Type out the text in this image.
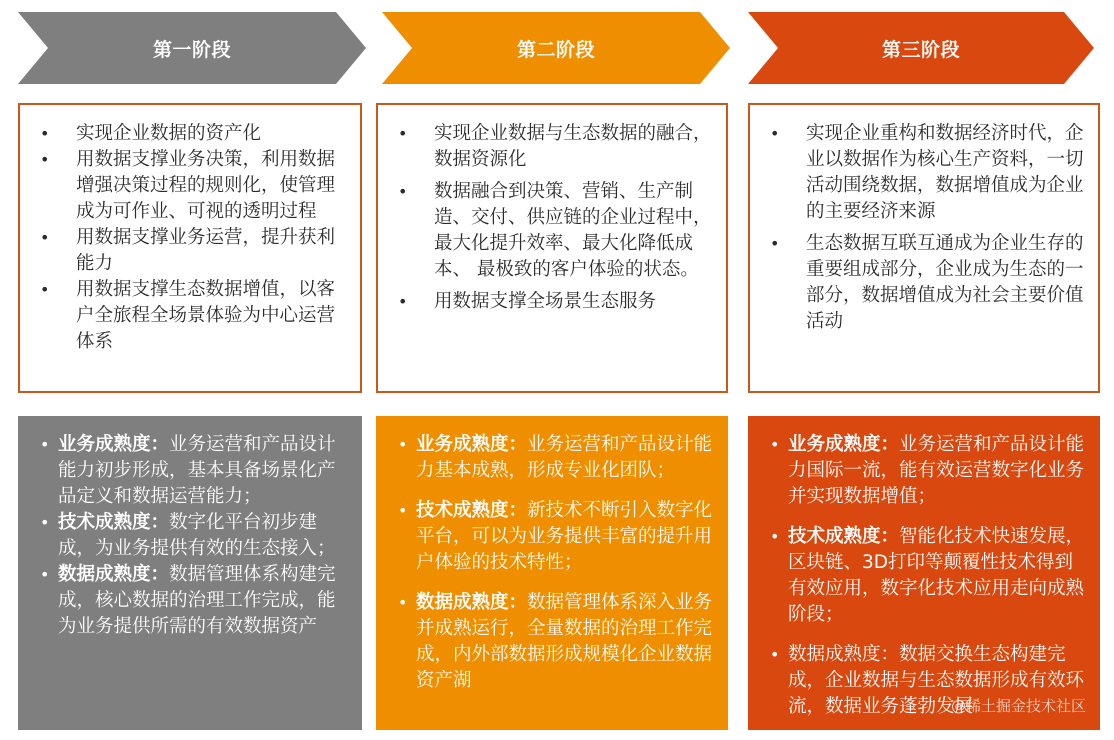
第一阶段
• 实现企业数据的资产化
• 用数据支撑业务决策，利用数据增强决策过程的规则化，使管理成为可作业、可视的透明过程
• 用数据支撑业务运营，提升获利能力
• 用数据支撑生态数据增值，以客户全旅程全场景体验为中心运营体系
• 业务成熟度：业务运营和产品设计能力初步形成，基本具备场景化产品定义和数据运营能力；
• 技术成熟度：数字化平台初步建成，为业务提供有效的生态接入；
• 数据成熟度：数据管理体系构建完成，核心数据的治理工作完成，能为业务提供所需的有效数据资产
第二阶段
• 实现企业数据与生态数据的融合，数据资源化
• 数据融合到决策、营销、生产制造、交付、供应链的企业过程中，最大化提升效率、最大化降低成本、 最极致的客户体验的状态。
• 用数据支撑全场景生态服务
• 业务成熟度：业务运营和产品设计能力基本成熟，形成专业化团队；
• 技术成熟度：新技术不断引入数字化平台，可以为业务提供丰富的提升用户体验的技术特性；
• 数据成熟度：数据管理体系深入业务并成熟运行，全量数据的治理工作完成，内外部数据形成规模化企业数据资产湖
第三阶段
• 实现企业重构和数据经济时代，企业以数据作为核心生产资料，一切活动围绕数据，数据增值成为企业的主要经济来源
• 生态数据互联互通成为企业生存的重要组成部分，企业成为生态的一部分，数据增值成为社会主要价值活动
• 业务成熟度：业务运营和产品设计能力国际一流，能有效运营数字化业务并实现数据增值；
• 技术成熟度：智能化技术快速发展，区块链、3D打印等颠覆性技术得到有效应用，数字化技术应用走向成熟阶段；
• 数据成熟度：数据交换生态构建完成，企业数据与生态数据形成有效环流，数据业务蓬勃发展
@稀土掘金技术社区
